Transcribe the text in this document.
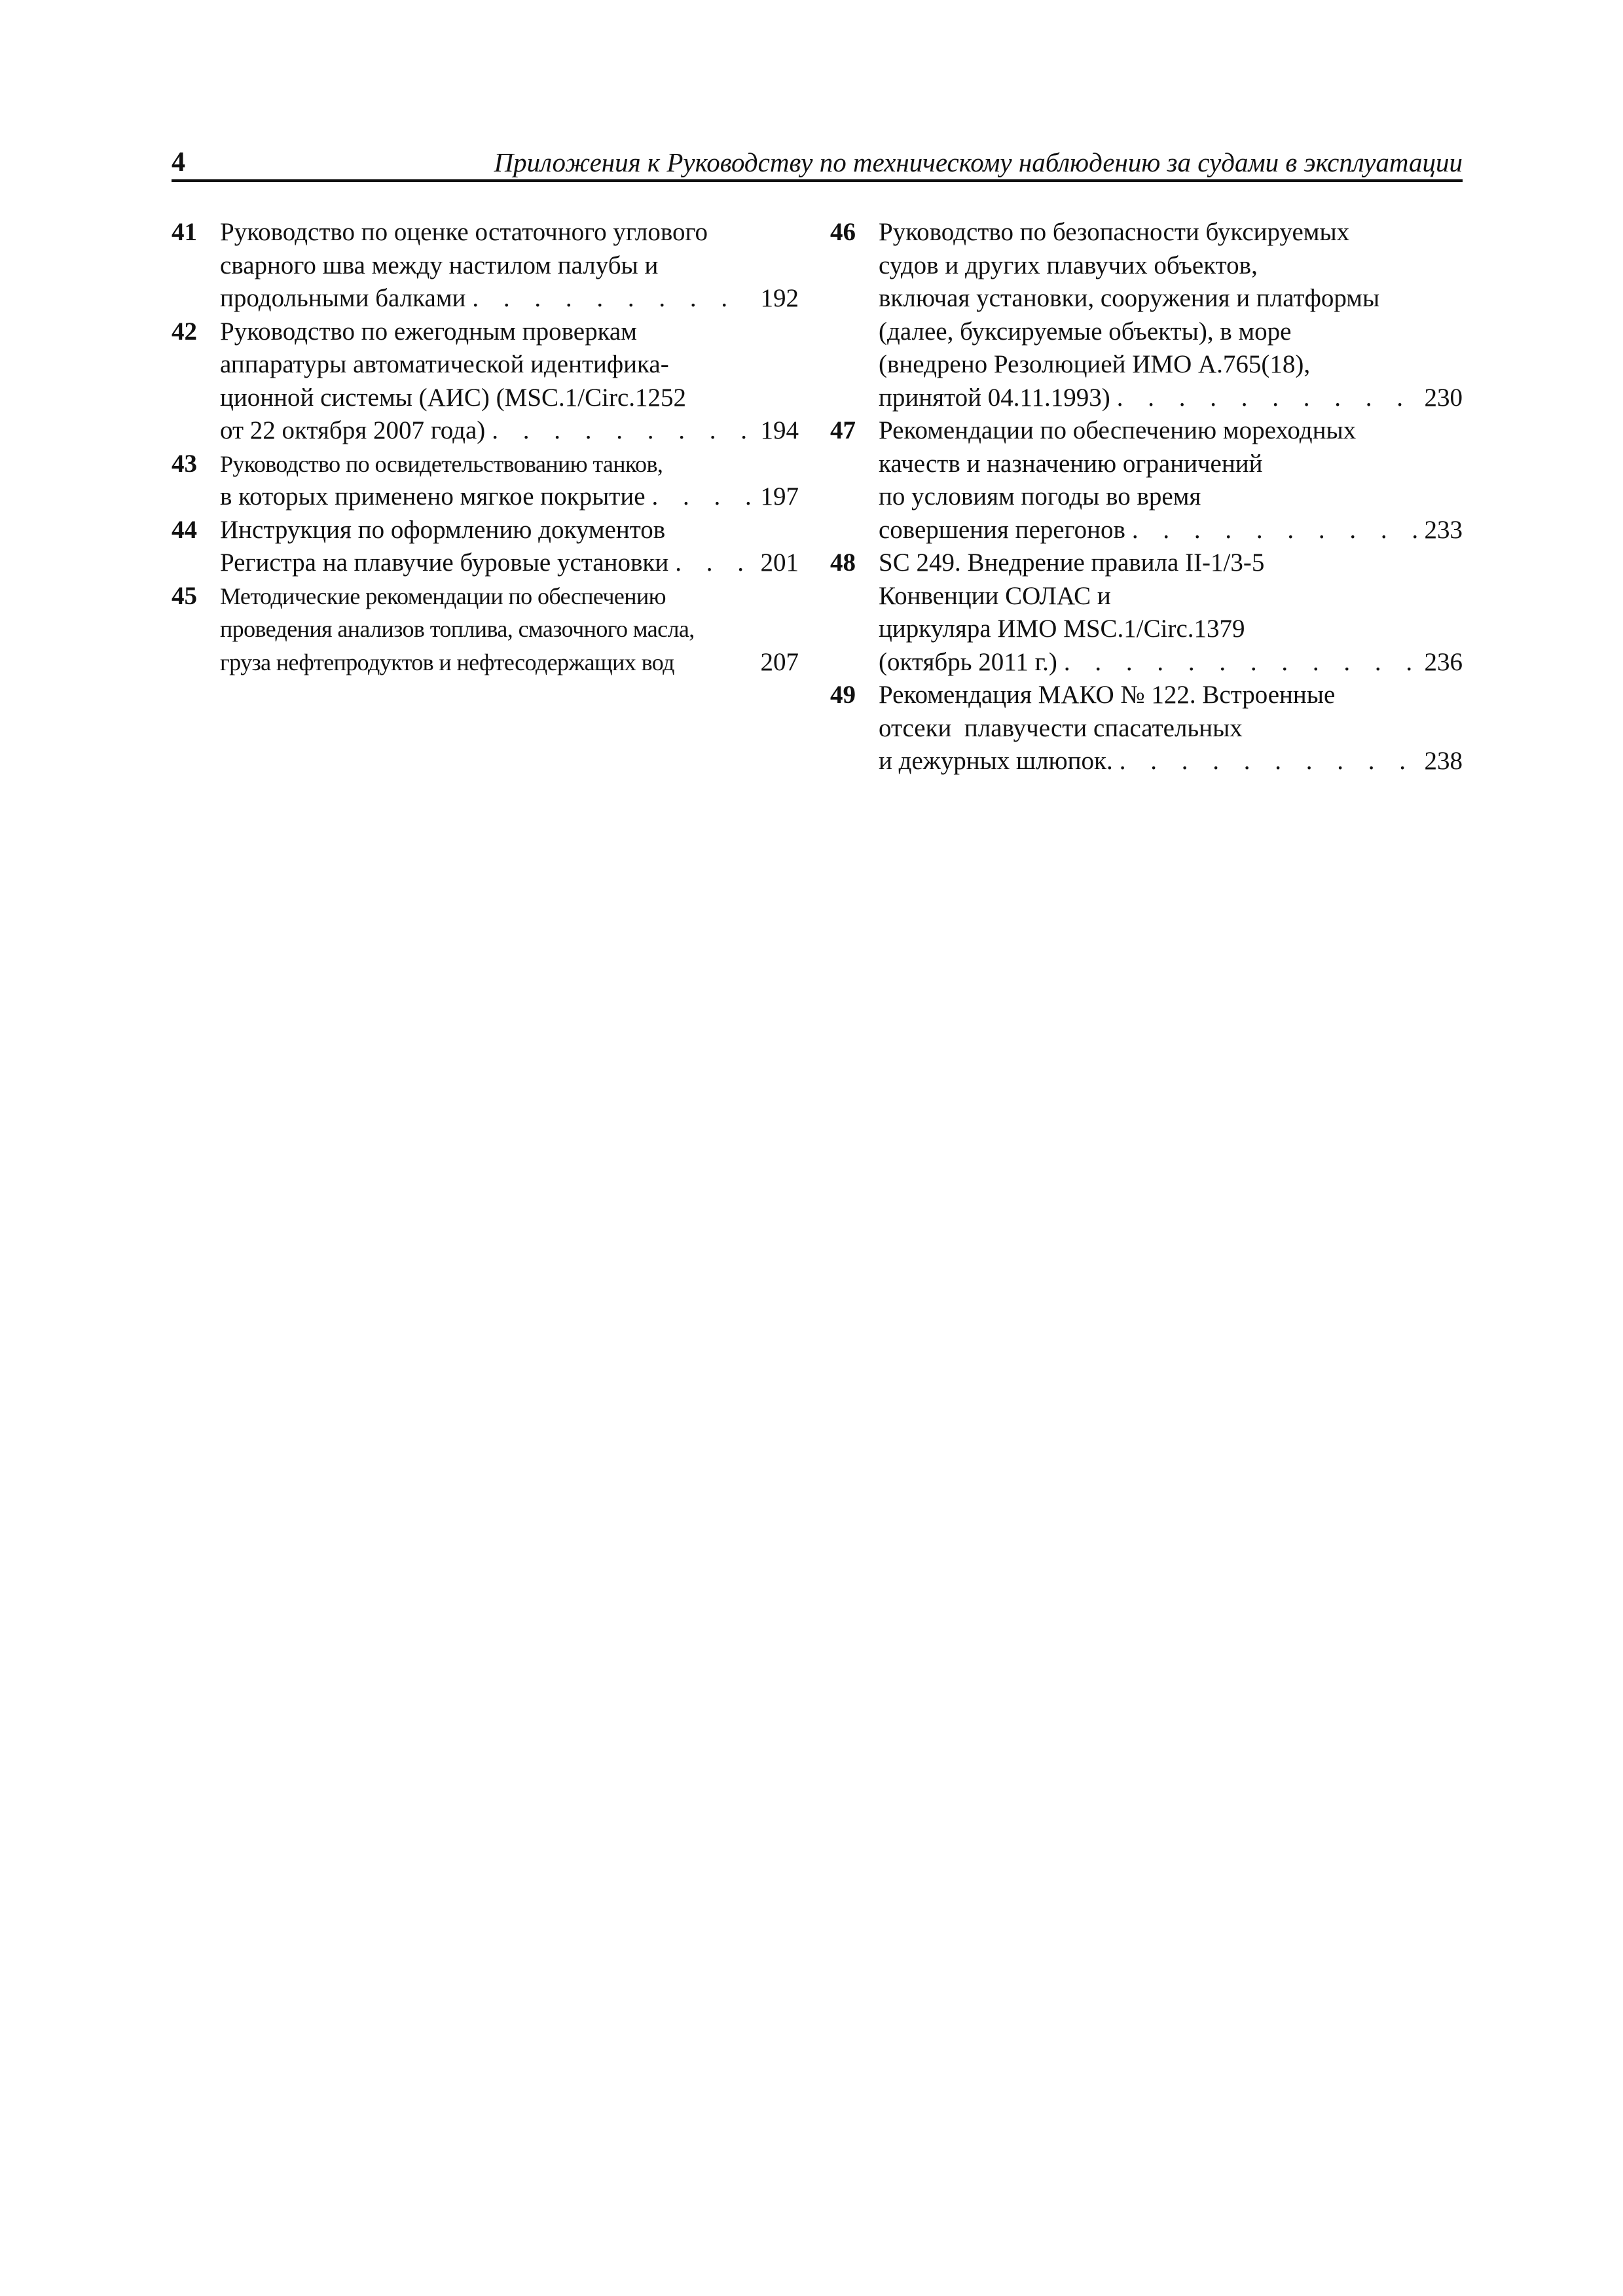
4	Приложения к Руководству по техническому наблюдению за судами в эксплуатации
41 Руководство по оценке остаточного углового
сварного шва между настилом палубы и
продольными балками . . .	192
42 Руководство по ежегодным проверкам
аппаратуры автоматической идентифика-
ционной системы (АИС) (MSC.1/Circ.1252
от 22 октября 2007 года) . . .	194
43 Руководство по освидетельствованию танков,
в которых применено мягкое покрытие . . .	197
44 Инструкция по оформлению документов
Регистра на плавучие буровые установки . . .	201
45 Методические рекомендации по обеспечению
проведения анализов топлива, смазочного масла,
груза нефтепродуктов и нефтесодержащих вод	207
46 Руководство по безопасности буксируемых
судов и других плавучих объектов,
включая установки, сооружения и платформы
(далее, буксируемые объекты), в море
(внедрено Резолюцией ИМО А.765(18),
принятой 04.11.1993) . . .	230
47 Рекомендации по обеспечению мореходных
качеств и назначению ограничений
по условиям погоды во время
совершения перегонов . . .	233
48 SC 249. Внедрение правила II-1/3-5
Конвенции СОЛАС и
циркуляра ИМО MSC.1/Circ.1379
(октябрь 2011 г.) . . .	236
49 Рекомендация МАКО № 122. Встроенные
отсеки  плавучести спасательных
и дежурных шлюпок. . . .	238
